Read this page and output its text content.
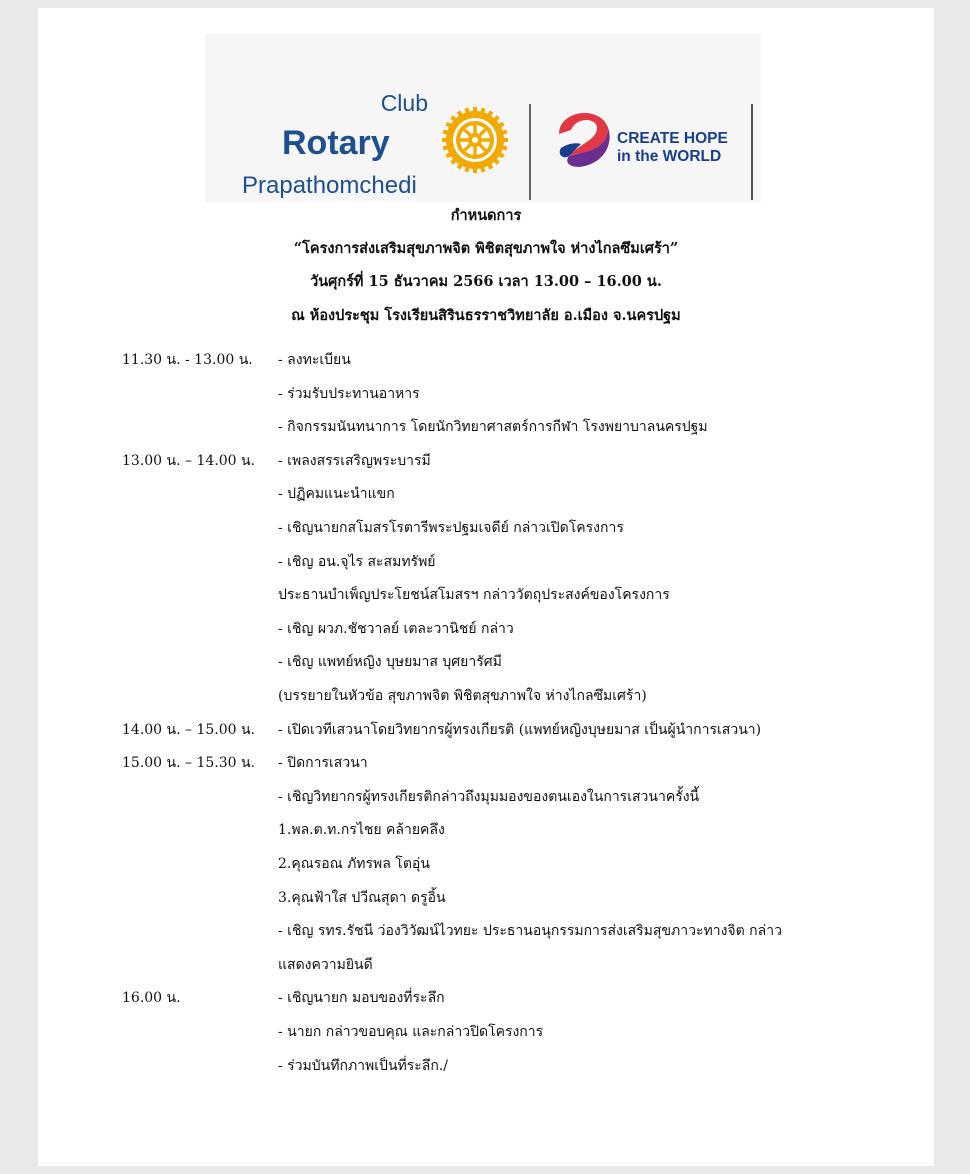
Club
Rotary
Prapathomchedi
CREATE HOPE
in the WORLD
กำหนดการ
“โครงการส่งเสริมสุขภาพจิต พิชิตสุขภาพใจ ห่างไกลซึมเศร้า”
วันศุกร์ที่ 15 ธันวาคม 2566 เวลา 13.00 – 16.00 น.
ณ ห้องประชุม โรงเรียนสิรินธรราชวิทยาลัย อ.เมือง จ.นครปฐม
11.30 น. - 13.00 น. - ลงทะเบียน
- ร่วมรับประทานอาหาร
- กิจกรรมนันทนาการ โดยนักวิทยาศาสตร์การกีฬา โรงพยาบาลนครปฐม
13.00 น. – 14.00 น. - เพลงสรรเสริญพระบารมี
- ปฏิคมแนะนำแขก
- เชิญนายกสโมสรโรตารีพระปฐมเจดีย์ กล่าวเปิดโครงการ
- เชิญ อน.จุไร สะสมทรัพย์
ประธานบำเพ็ญประโยชน์สโมสรฯ กล่าววัตถุประสงค์ของโครงการ
- เชิญ ผวภ.ชัชวาลย์ เตละวานิชย์ กล่าว
- เชิญ แพทย์หญิง บุษยมาส บุศยารัศมี
(บรรยายในหัวข้อ สุขภาพจิต พิชิตสุขภาพใจ ห่างไกลซึมเศร้า)
14.00 น. – 15.00 น. - เปิดเวทีเสวนาโดยวิทยากรผู้ทรงเกียรติ (แพทย์หญิงบุษยมาส เป็นผู้นำการเสวนา)
15.00 น. – 15.30 น. - ปิดการเสวนา
- เชิญวิทยากรผู้ทรงเกียรติกล่าวถึงมุมมองของตนเองในการเสวนาครั้งนี้
1.พล.ต.ท.กรไชย คล้ายคลึง
2.คุณรอณ ภัทรพล โตอุ่น
3.คุณฟ้าใส ปวีณสุดา ดรูอิ้น
- เชิญ รทร.รัชนี ว่องวิวัฒน์ไวทยะ ประธานอนุกรรมการส่งเสริมสุขภาวะทางจิต กล่าว
แสดงความยินดี
16.00 น.	- เชิญนายก มอบของที่ระลึก
- นายก กล่าวขอบคุณ และกล่าวปิดโครงการ
- ร่วมบันทึกภาพเป็นที่ระลึก./
